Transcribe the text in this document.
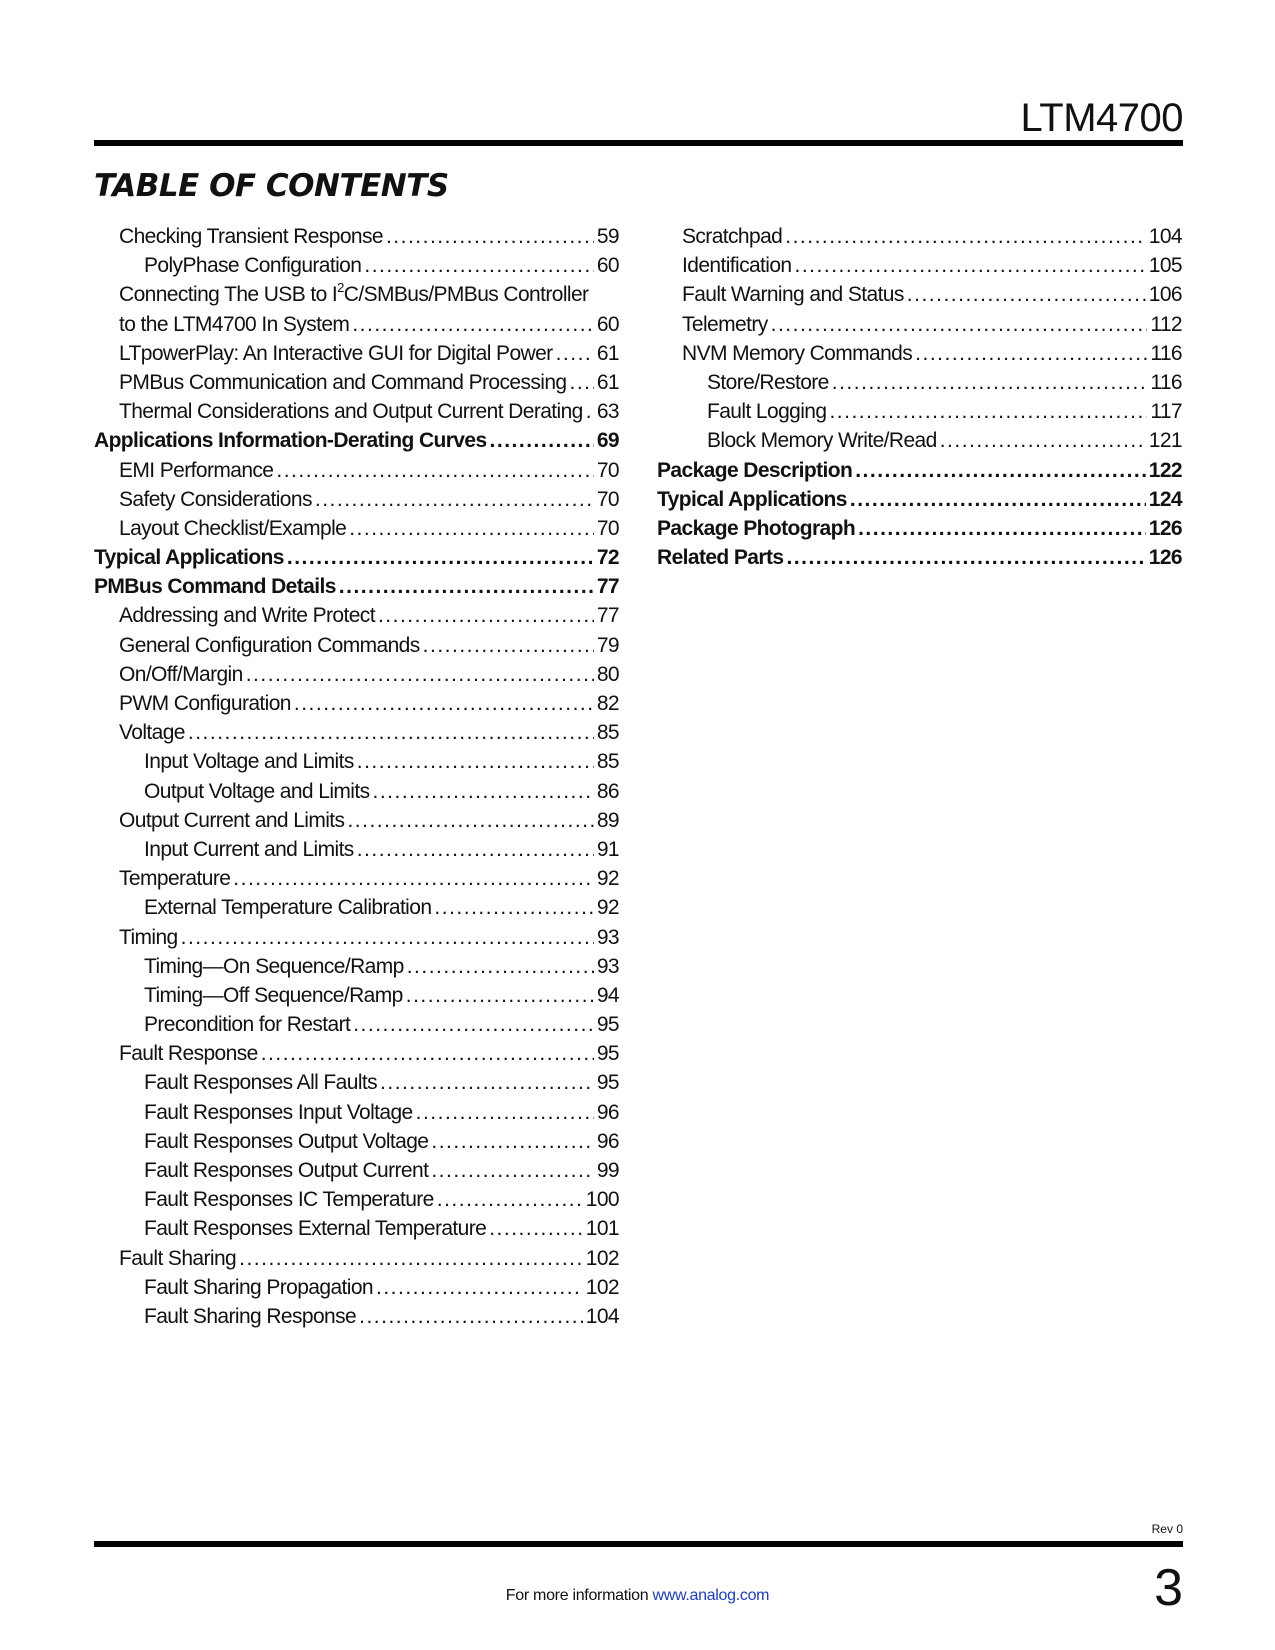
LTM4700
TABLE OF CONTENTS
Checking Transient Response .....	59
PolyPhase Configuration .....	60
Connecting The USB to $I^2C/SMBus$/PMBus Controller
to the LTM4700 In System .....	60
LTpowerPlay: An Interactive GUI for Digital Power ..... 61
PMBus Communication and Command Processing ..... 61
Thermal Considerations and Output Current Derating ..... 63
Applications Information-Derating Curves .....	69
EMI Performance .....	70
Safety Considerations .....	70
Layout Checklist/Example .....	70
Typical Applications .....	72
PMBus Command Details .....	77
Addressing and Write Protect .....	77
General Configuration Commands .....	79
On/Off/Margin .....	80
PWM Configuration .....	82
Voltage .....	85
Input Voltage and Limits .....	85
Output Voltage and Limits .....	86
Output Current and Limits .....	89
Input Current and Limits .....	91
Temperature .....	92
External Temperature Calibration .....	92
Timing .....	93
Timing—On Sequence/Ramp .....	93
Timing—Off Sequence/Ramp .....	94
Precondition for Restart .....	95
Fault Response .....	95
Fault Responses All Faults .....	95
Fault Responses Input Voltage .....	96
Fault Responses Output Voltage .....	96
Fault Responses Output Current .....	99
Fault Responses IC Temperature .....	100
Fault Responses External Temperature .....	101
Fault Sharing .....	102
Fault Sharing Propagation .....	102
Fault Sharing Response .....	104
Scratchpad .....	104
Identification .....	105
Fault Warning and Status .....	106
Telemetry .....	112
NVM Memory Commands .....	116
Store/Restore .....	116
Fault Logging .....	117
Block Memory Write/Read .....	121
Package Description .....	122
Typical Applications .....	124
Package Photograph .....	126
Related Parts .....	126
Rev 0
For more information www.analog.com	3
